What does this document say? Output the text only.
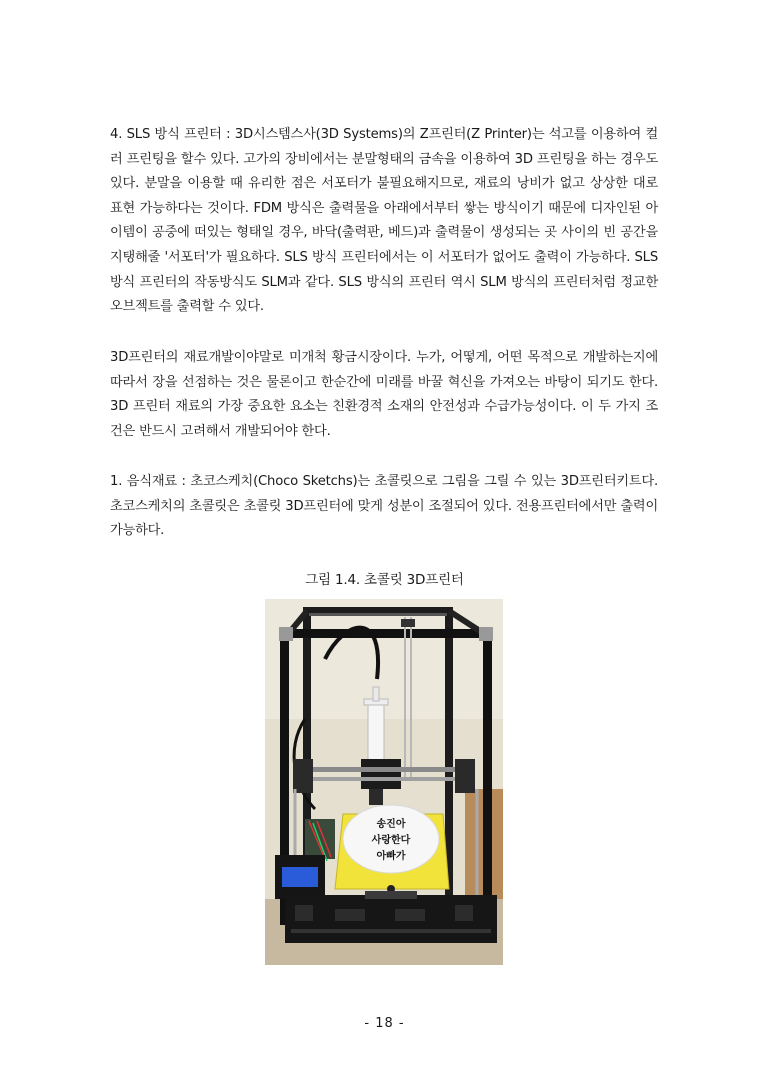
4. SLS 방식 프린터 : 3D시스템스사(3D Systems)의 Z프린터(Z Printer)는 석고를 이용하여 컬러 프린팅을 할수 있다. 고가의 장비에서는 분말형태의 금속을 이용하여 3D 프린팅을 하는 경우도 있다. 분말을 이용할 때 유리한 점은 서포터가 불필요해지므로, 재료의 낭비가 없고 상상한 대로 표현 가능하다는 것이다. FDM 방식은 출력물을 아래에서부터 쌓는 방식이기 때문에 디자인된 아이템이 공중에 떠있는 형태일 경우, 바닥(출력판, 베드)과 출력물이 생성되는 곳 사이의 빈 공간을 지탱해줄 '서포터'가 필요하다. SLS 방식 프린터에서는 이 서포터가 없어도 출력이 가능하다. SLS 방식 프린터의 작동방식도 SLM과 같다. SLS 방식의 프린터 역시 SLM 방식의 프린터처럼 정교한 오브젝트를 출력할 수 있다.

3D프린터의 재료개발이야말로 미개척 황금시장이다. 누가, 어떻게, 어떤 목적으로 개발하는지에 따라서 장을 선점하는 것은 물론이고 한순간에 미래를 바꿀 혁신을 가져오는 바탕이 되기도 한다. 3D 프린터 재료의 가장 중요한 요소는 친환경적 소재의 안전성과 수급가능성이다. 이 두 가지 조건은 반드시 고려해서 개발되어야 한다.

1. 음식재료 : 초코스케치(Choco Sketchs)는 초콜릿으로 그림을 그릴 수 있는 3D프린터키트다. 초코스케치의 초콜릿은 초콜릿 3D프린터에 맞게 성분이 조절되어 있다. 전용프린터에서만 출력이 가능하다.

그림 1.4. 초콜릿 3D프린터
송진아
사랑한다
아빠가
- 18 -
